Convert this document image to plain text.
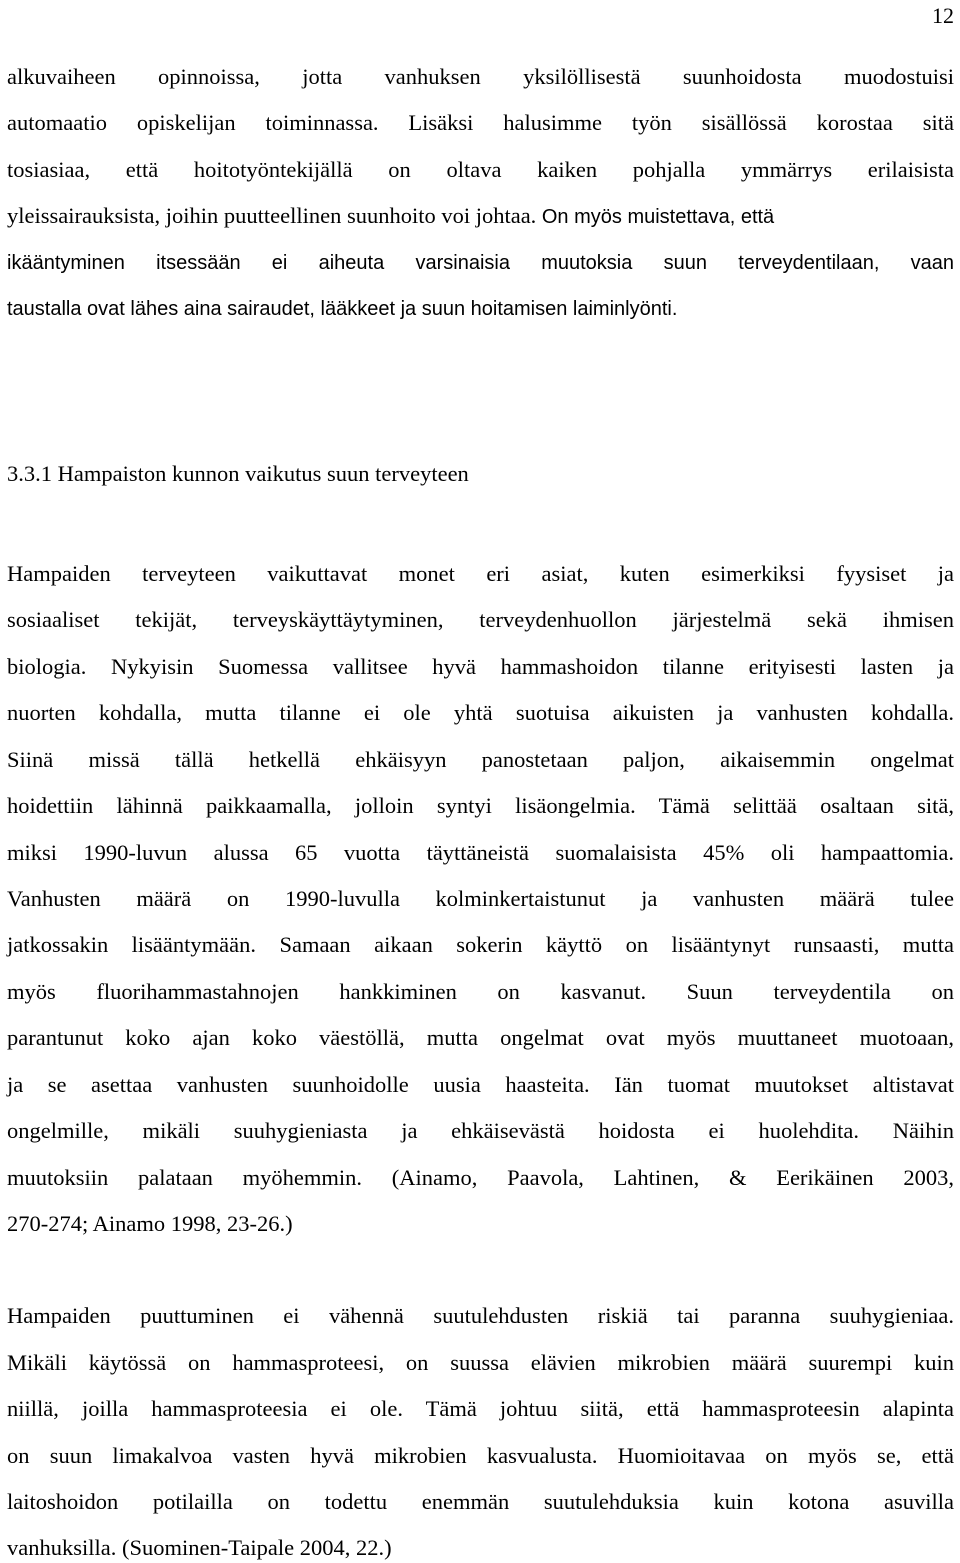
12

alkuvaiheen opinnoissa, jotta vanhuksen yksilöllisestä suunhoidosta muodostuisi

automaatio opiskelijan toiminnassa. Lisäksi halusimme työn sisällössä korostaa sitä

tosiasiaa, että hoitotyöntekijällä on oltava kaiken pohjalla ymmärrys erilaisista

yleissairauksista, joihin puutteellinen suunhoito voi johtaa. On myös muistettava, että

ikääntyminen itsessään ei aiheuta varsinaisia muutoksia suun terveydentilaan, vaan

taustalla ovat lähes aina sairaudet, lääkkeet ja suun hoitamisen laiminlyönti.

3.3.1 Hampaiston kunnon vaikutus suun terveyteen

Hampaiden terveyteen vaikuttavat monet eri asiat, kuten esimerkiksi fyysiset ja

sosiaaliset tekijät, terveyskäyttäytyminen, terveydenhuollon järjestelmä sekä ihmisen

biologia. Nykyisin Suomessa vallitsee hyvä hammashoidon tilanne erityisesti lasten ja

nuorten kohdalla, mutta tilanne ei ole yhtä suotuisa aikuisten ja vanhusten kohdalla.

Siinä missä tällä hetkellä ehkäisyyn panostetaan paljon, aikaisemmin ongelmat

hoidettiin lähinnä paikkaamalla, jolloin syntyi lisäongelmia. Tämä selittää osaltaan sitä,

miksi 1990-luvun alussa 65 vuotta täyttäneistä suomalaisista 45% oli hampaattomia.

Vanhusten määrä on 1990-luvulla kolminkertaistunut ja vanhusten määrä tulee

jatkossakin lisääntymään. Samaan aikaan sokerin käyttö on lisääntynyt runsaasti, mutta

myös fluorihammastahnojen hankkiminen on kasvanut. Suun terveydentila on

parantunut koko ajan koko väestöllä, mutta ongelmat ovat myös muuttaneet muotoaan,

ja se asettaa vanhusten suunhoidolle uusia haasteita. Iän tuomat muutokset altistavat

ongelmille, mikäli suuhygieniasta ja ehkäisevästä hoidosta ei huolehdita. Näihin

muutoksiin palataan myöhemmin. (Ainamo, Paavola, Lahtinen, & Eerikäinen 2003,

270-274; Ainamo 1998, 23-26.)

Hampaiden puuttuminen ei vähennä suutulehdusten riskiä tai paranna suuhygieniaa.

Mikäli käytössä on hammasproteesi, on suussa elävien mikrobien määrä suurempi kuin

niillä, joilla hammasproteesia ei ole. Tämä johtuu siitä, että hammasproteesin alapinta

on suun limakalvoa vasten hyvä mikrobien kasvualusta. Huomioitavaa on myös se, että

laitoshoidon potilailla on todettu enemmän suutulehduksia kuin kotona asuvilla

vanhuksilla. (Suominen-Taipale 2004, 22.)
